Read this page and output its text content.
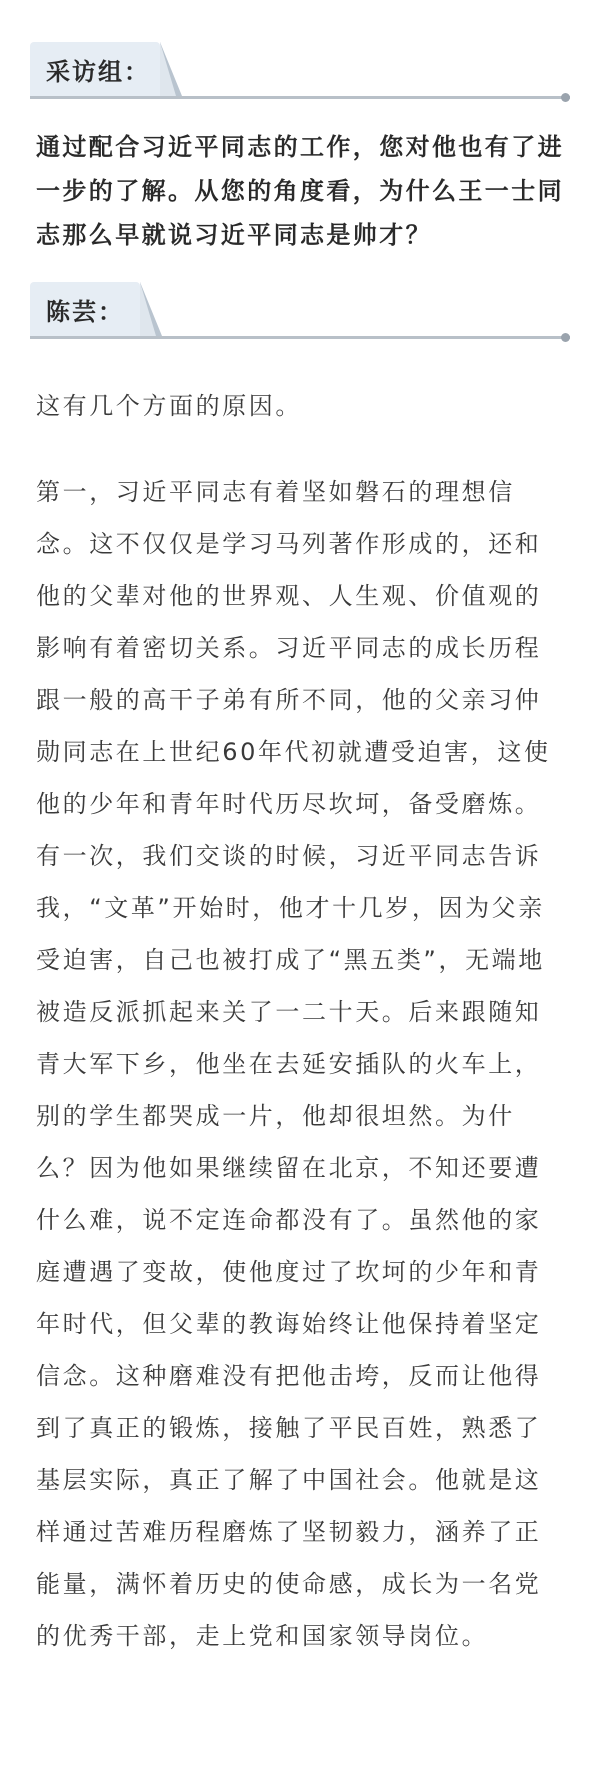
采访组：

通过配合习近平同志的工作，您对他也有了进一步的了解。从您的角度看，为什么王一士同志那么早就说习近平同志是帅才？

陈芸：

这有几个方面的原因。

第一，习近平同志有着坚如磐石的理想信念。这不仅仅是学习马列著作形成的，还和他的父辈对他的世界观、人生观、价值观的影响有着密切关系。习近平同志的成长历程跟一般的高干子弟有所不同，他的父亲习仲勋同志在上世纪60年代初就遭受迫害，这使他的少年和青年时代历尽坎坷，备受磨炼。有一次，我们交谈的时候，习近平同志告诉我，“文革”开始时，他才十几岁，因为父亲受迫害，自己也被打成了“黑五类”，无端地被造反派抓起来关了一二十天。后来跟随知青大军下乡，他坐在去延安插队的火车上，别的学生都哭成一片，他却很坦然。为什么？因为他如果继续留在北京，不知还要遭什么难，说不定连命都没有了。虽然他的家庭遭遇了变故，使他度过了坎坷的少年和青年时代，但父辈的教诲始终让他保持着坚定信念。这种磨难没有把他击垮，反而让他得到了真正的锻炼，接触了平民百姓，熟悉了基层实际，真正了解了中国社会。他就是这样通过苦难历程磨炼了坚韧毅力，涵养了正能量，满怀着历史的使命感，成长为一名党的优秀干部，走上党和国家领导岗位。
